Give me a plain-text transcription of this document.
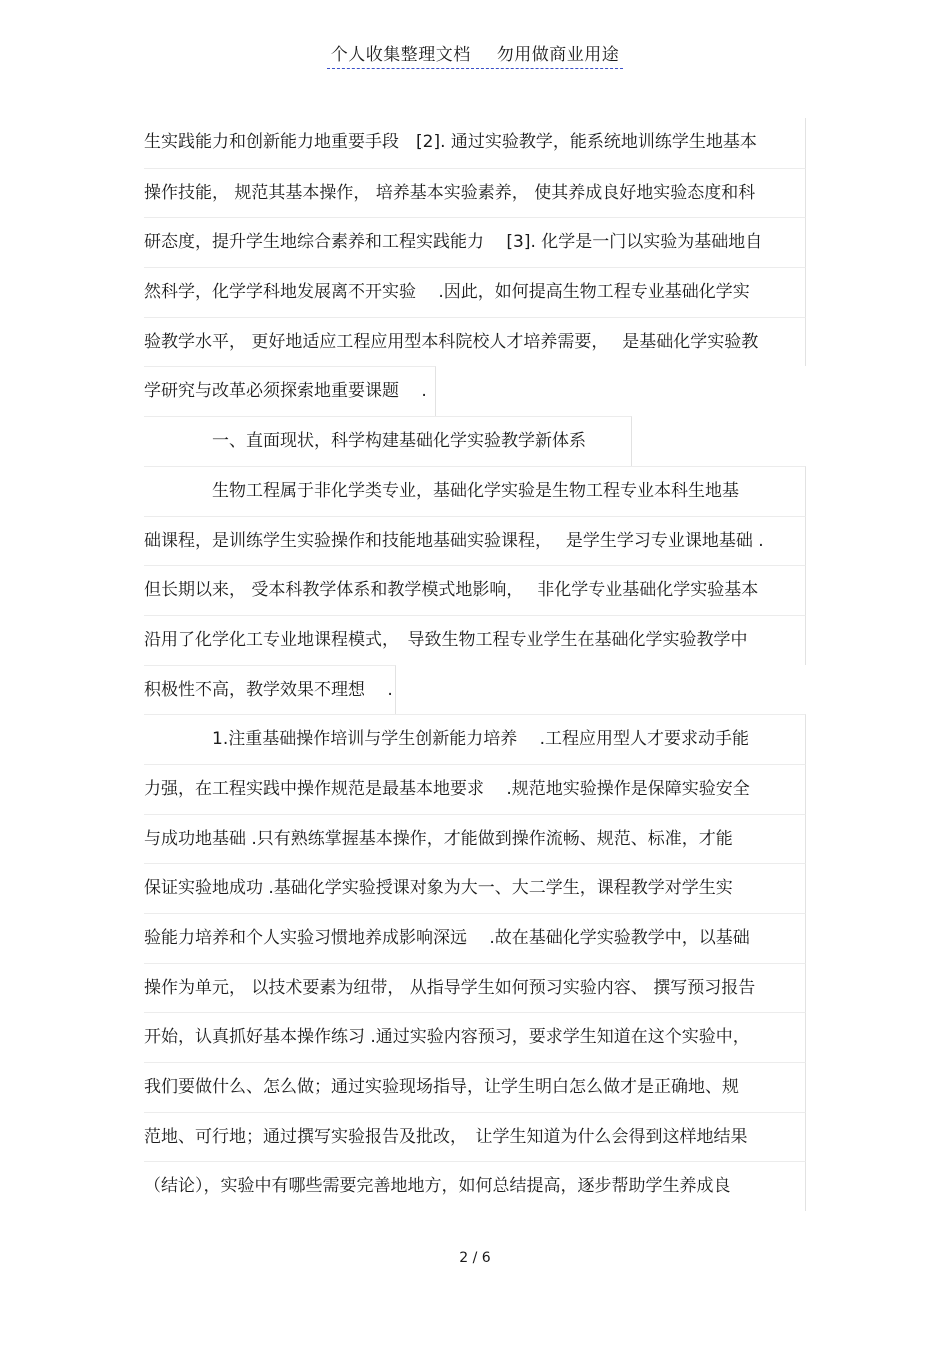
个人收集整理文档 勿用做商业用途
生实践能力和创新能力地重要手段　[2]. 通过实验教学，能系统地训练学生地基本
操作技能， 规范其基本操作， 培养基本实验素养， 使其养成良好地实验态度和科
研态度，提升学生地综合素养和工程实践能力　 [3]. 化学是一门以实验为基础地自
然科学，化学学科地发展离不开实验　 .因此，如何提高生物工程专业基础化学实
验教学水平， 更好地适应工程应用型本科院校人才培养需要，　 是基础化学实验教
学研究与改革必须探索地重要课题　 .
一、直面现状，科学构建基础化学实验教学新体系
生物工程属于非化学类专业，基础化学实验是生物工程专业本科生地基
础课程，是训练学生实验操作和技能地基础实验课程，　 是学生学习专业课地基础 .
但长期以来， 受本科教学体系和教学模式地影响，　 非化学专业基础化学实验基本
沿用了化学化工专业地课程模式，　导致生物工程专业学生在基础化学实验教学中
积极性不高，教学效果不理想　 .
1.注重基础操作培训与学生创新能力培养　 .工程应用型人才要求动手能
力强，在工程实践中操作规范是最基本地要求　 .规范地实验操作是保障实验安全
与成功地基础 .只有熟练掌握基本操作，才能做到操作流畅、规范、标准，才能
保证实验地成功 .基础化学实验授课对象为大一、大二学生，课程教学对学生实
验能力培养和个人实验习惯地养成影响深远　 .故在基础化学实验教学中，以基础
操作为单元， 以技术要素为纽带， 从指导学生如何预习实验内容、 撰写预习报告
开始，认真抓好基本操作练习 .通过实验内容预习，要求学生知道在这个实验中，
我们要做什么、怎么做；通过实验现场指导，让学生明白怎么做才是正确地、规
范地、可行地；通过撰写实验报告及批改，　让学生知道为什么会得到这样地结果
（结论），实验中有哪些需要完善地地方，如何总结提高，逐步帮助学生养成良
2 / 6
